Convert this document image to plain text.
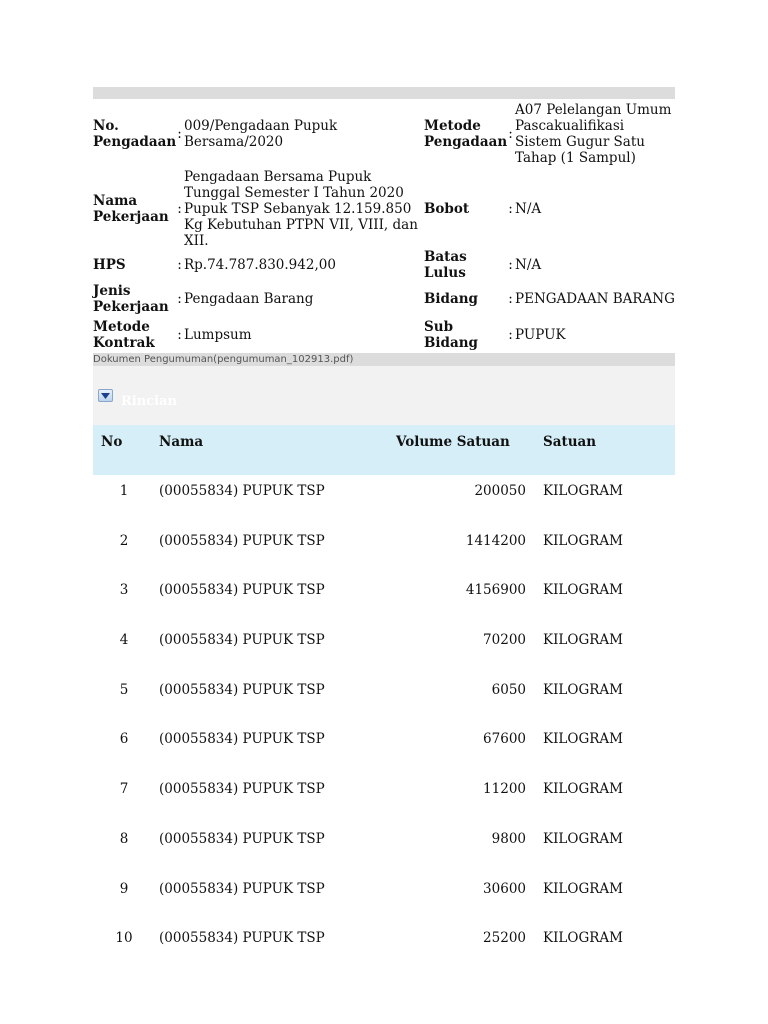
No. Pengadaan	:	009/Pengadaan Pupuk Bersama/2020	Metode Pengadaan	:	A07 Pelelangan Umum Pascakualifikasi Sistem Gugur Satu Tahap (1 Sampul)
Nama Pekerjaan	:	Pengadaan Bersama Pupuk Tunggal Semester I Tahun 2020 Pupuk TSP Sebanyak 12.159.850 Kg Kebutuhan PTPN VII, VIII, dan XII.	Bobot	:	N/A
HPS	:	Rp.74.787.830.942,00	Batas Lulus	:	N/A
Jenis Pekerjaan	:	Pengadaan Barang	Bidang	:	PENGADAAN BARANG
Metode Kontrak	:	Lumpsum	Sub Bidang	:	PUPUK
Dokumen Pengumuman(pengumuman_102913.pdf)
Rincian
No	Nama	Volume Satuan	Satuan
1	(00055834) PUPUK TSP	200050	KILOGRAM
2	(00055834) PUPUK TSP	1414200	KILOGRAM
3	(00055834) PUPUK TSP	4156900	KILOGRAM
4	(00055834) PUPUK TSP	70200	KILOGRAM
5	(00055834) PUPUK TSP	6050	KILOGRAM
6	(00055834) PUPUK TSP	67600	KILOGRAM
7	(00055834) PUPUK TSP	11200	KILOGRAM
8	(00055834) PUPUK TSP	9800	KILOGRAM
9	(00055834) PUPUK TSP	30600	KILOGRAM
10	(00055834) PUPUK TSP	25200	KILOGRAM
